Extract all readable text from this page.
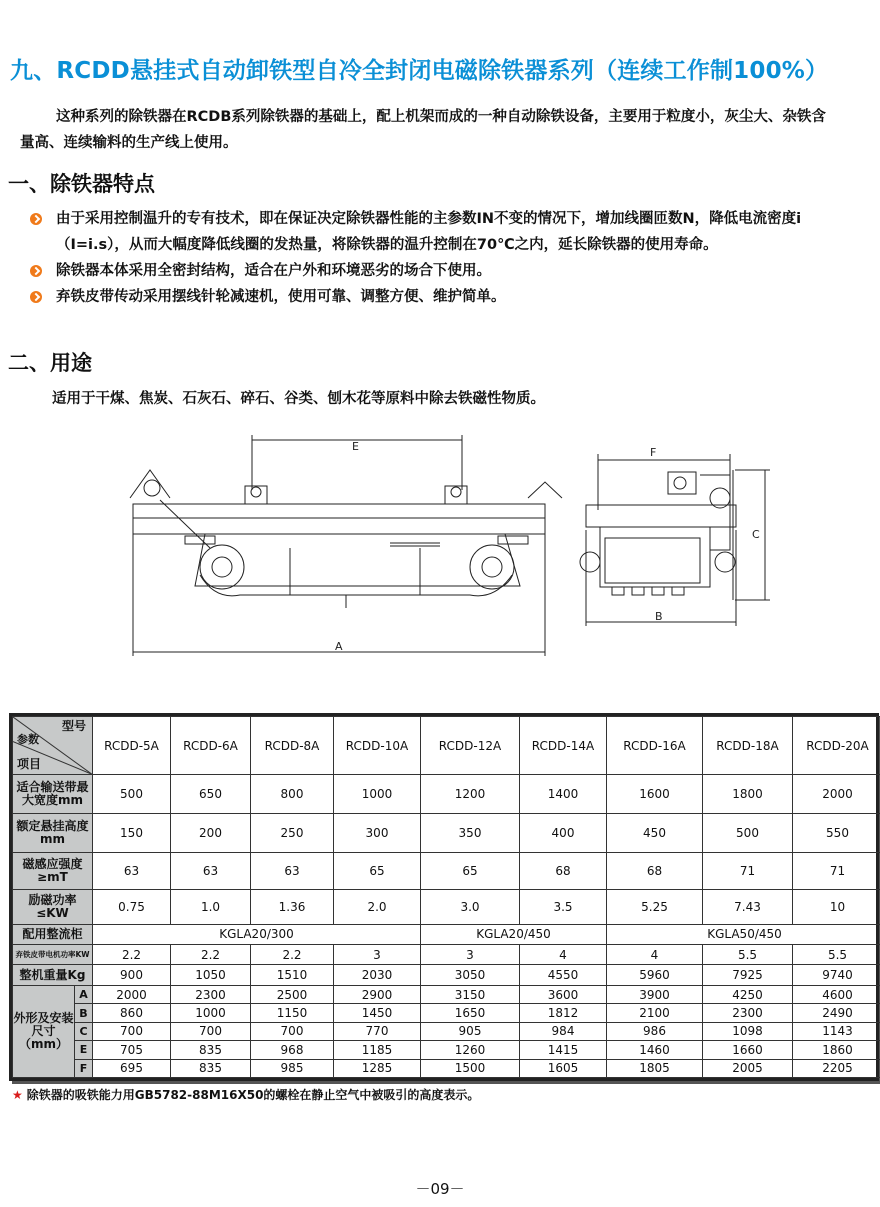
九、RCDD悬挂式自动卸铁型自冷全封闭电磁除铁器系列（连续工作制100%）
这种系列的除铁器在RCDB系列除铁器的基础上，配上机架而成的一种自动除铁设备，主要用于粒度小，灰尘大、杂铁含量高、连续输料的生产线上使用。
一、除铁器特点
由于采用控制温升的专有技术，即在保证决定除铁器性能的主参数IN不变的情况下，增加线圈匝数N，降低电流密度i（I=i.s），从而大幅度降低线圈的发热量，将除铁器的温升控制在70℃之内，延长除铁器的使用寿命。
除铁器本体采用全密封结构，适合在户外和环境恶劣的场合下使用。
弃铁皮带传动采用摆线针轮减速机，使用可靠、调整方便、维护简单。
二、用途
适用于干煤、焦炭、石灰石、碎石、谷类、刨木花等原料中除去铁磁性物质。
E
A
F
B
C
型号
参数
项目		RCDD-5A	RCDD-6A	RCDD-8A	RCDD-10A	RCDD-12A	RCDD-14A	RCDD-16A	RCDD-18A	RCDD-20A
适合输送带最大宽度mm		500	650	800	1000	1200	1400	1600	1800	2000
额定悬挂高度mm		150	200	250	300	350	400	450	500	550
磁感应强度≥mT		63	63	63	65	65	68	68	71	71
励磁功率≤KW		0.75	1.0	1.36	2.0	3.0	3.5	5.25	7.43	10
配用整流柜		KGLA20/300				KGLA20/450		KGLA50/450		
弃铁皮带电机功率KW		2.2	2.2	2.2	3	3	4	4	5.5	5.5
整机重量Kg		900	1050	1510	2030	3050	4550	5960	7925	9740
外形及安装尺寸（mm）	A	2000	2300	2500	2900	3150	3600	3900	4250	4600
	B	860	1000	1150	1450	1650	1812	2100	2300	2490
	C	700	700	700	770	905	984	986	1098	1143
	E	705	835	968	1185	1260	1415	1460	1660	1860
	F	695	835	985	1285	1500	1605	1805	2005	2205
★ 除铁器的吸铁能力用GB5782-88M16X50的螺栓在静止空气中被吸引的高度表示。
－09－
